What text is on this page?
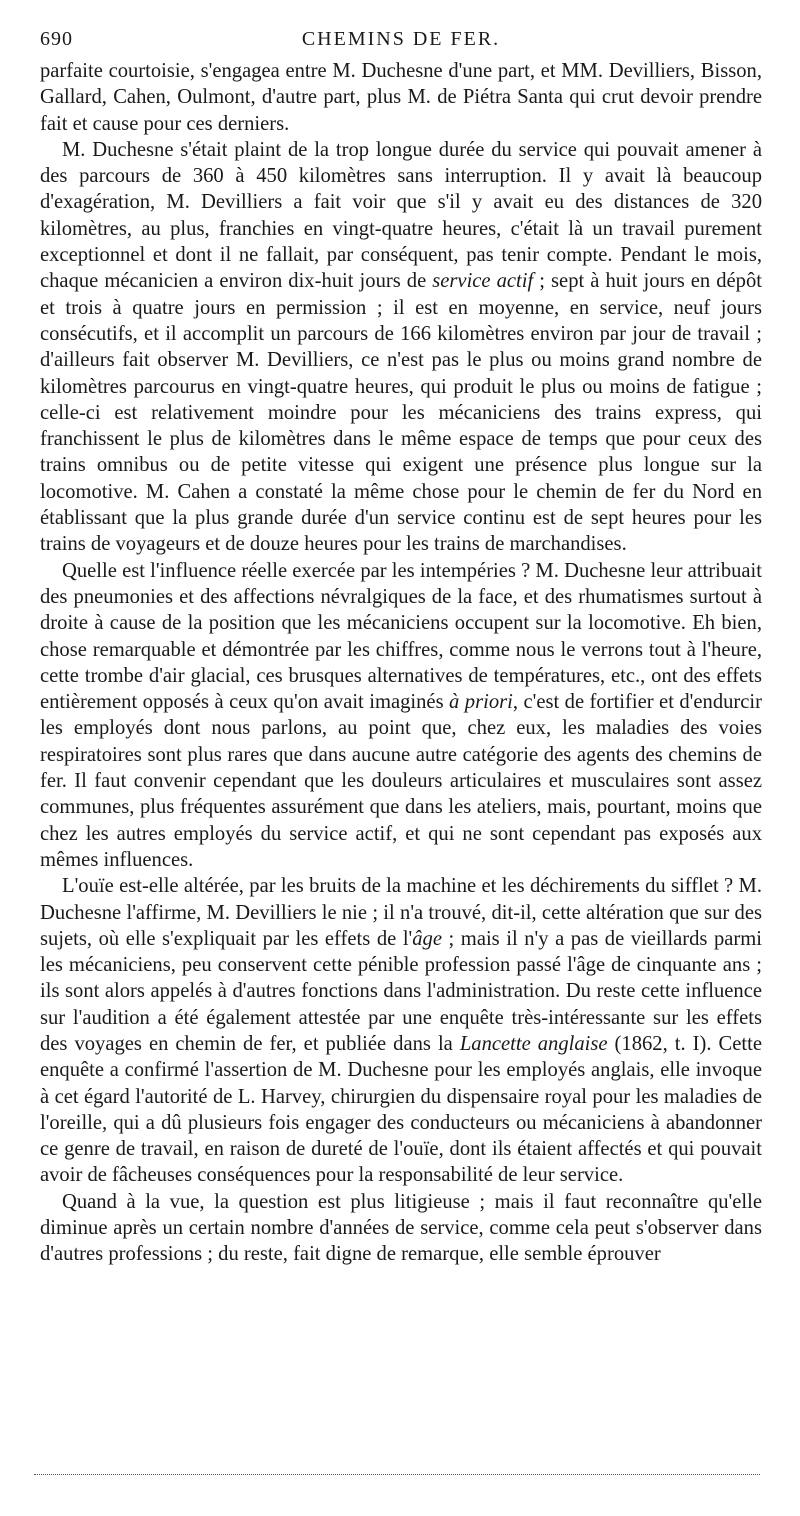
690	CHEMINS DE FER.

parfaite courtoisie, s'engagea entre M. Duchesne d'une part, et MM. Devilliers, Bisson, Gallard, Cahen, Oulmont, d'autre part, plus M. de Piétra Santa qui crut devoir prendre fait et cause pour ces derniers.

M. Duchesne s'était plaint de la trop longue durée du service qui pouvait amener à des parcours de 360 à 450 kilomètres sans interruption. Il y avait là beaucoup d'exagération, M. Devilliers a fait voir que s'il y avait eu des distances de 320 kilomètres, au plus, franchies en vingt-quatre heures, c'était là un travail purement exceptionnel et dont il ne fallait, par conséquent, pas tenir compte. Pendant le mois, chaque mécanicien a environ dix-huit jours de service actif ; sept à huit jours en dépôt et trois à quatre jours en permission ; il est en moyenne, en service, neuf jours consécutifs, et il accomplit un parcours de 166 kilomètres environ par jour de travail ; d'ailleurs fait observer M. Devilliers, ce n'est pas le plus ou moins grand nombre de kilomètres parcourus en vingt-quatre heures, qui produit le plus ou moins de fatigue ; celle-ci est relativement moindre pour les mécaniciens des trains express, qui franchissent le plus de kilomètres dans le même espace de temps que pour ceux des trains omnibus ou de petite vitesse qui exigent une présence plus longue sur la locomotive. M. Cahen a constaté la même chose pour le chemin de fer du Nord en établissant que la plus grande durée d'un service continu est de sept heures pour les trains de voyageurs et de douze heures pour les trains de marchandises.

Quelle est l'influence réelle exercée par les intempéries ? M. Duchesne leur attribuait des pneumonies et des affections névralgiques de la face, et des rhumatismes surtout à droite à cause de la position que les mécaniciens occupent sur la locomotive. Eh bien, chose remarquable et démontrée par les chiffres, comme nous le verrons tout à l'heure, cette trombe d'air glacial, ces brusques alternatives de températures, etc., ont des effets entièrement opposés à ceux qu'on avait imaginés à priori, c'est de fortifier et d'endurcir les employés dont nous parlons, au point que, chez eux, les maladies des voies respiratoires sont plus rares que dans aucune autre catégorie des agents des chemins de fer. Il faut convenir cependant que les douleurs articulaires et musculaires sont assez communes, plus fréquentes assurément que dans les ateliers, mais, pourtant, moins que chez les autres employés du service actif, et qui ne sont cependant pas exposés aux mêmes influences.

L'ouïe est-elle altérée, par les bruits de la machine et les déchirements du sifflet ? M. Duchesne l'affirme, M. Devilliers le nie ; il n'a trouvé, dit-il, cette altération que sur des sujets, où elle s'expliquait par les effets de l'âge ; mais il n'y a pas de vieillards parmi les mécaniciens, peu conservent cette pénible profession passé l'âge de cinquante ans ; ils sont alors appelés à d'autres fonctions dans l'administration. Du reste cette influence sur l'audition a été également attestée par une enquête très-intéressante sur les effets des voyages en chemin de fer, et publiée dans la Lancette anglaise (1862, t. I). Cette enquête a confirmé l'assertion de M. Duchesne pour les employés anglais, elle invoque à cet égard l'autorité de L. Harvey, chirurgien du dispensaire royal pour les maladies de l'oreille, qui a dû plusieurs fois engager des conducteurs ou mécaniciens à abandonner ce genre de travail, en raison de dureté de l'ouïe, dont ils étaient affectés et qui pouvait avoir de fâcheuses conséquences pour la responsabilité de leur service.

Quand à la vue, la question est plus litigieuse ; mais il faut reconnaître qu'elle diminue après un certain nombre d'années de service, comme cela peut s'observer dans d'autres professions ; du reste, fait digne de remarque, elle semble éprouver
